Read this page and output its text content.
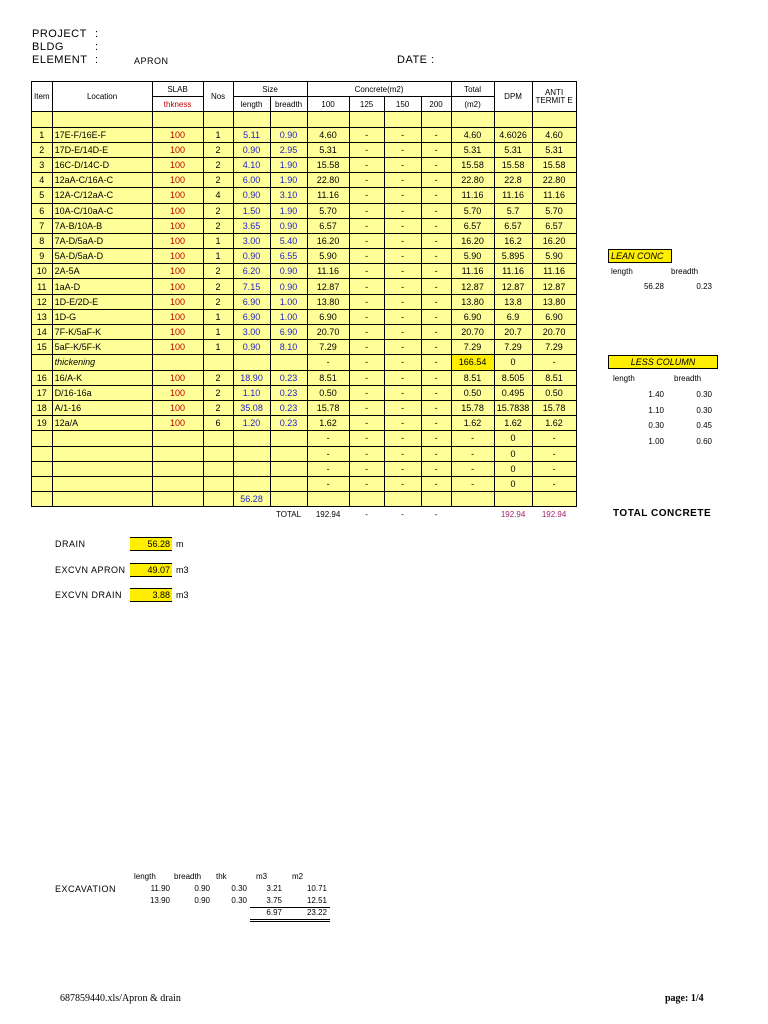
PROJECT :
BLDG	:
ELEMENT :	APRON	DATE :
Item	Location	SLAB	Nos	Size		Concrete(m2)				Total	DPM	ANTI TERMIT E
		thkness		length	breadth	100	125	150	200	(m2)		

1	17E-F/16E-F	100	1	5.11	0.90	4.60	-	-	-	4.60	4.6026	4.60
2	17D-E/14D-E	100	2	0.90	2.95	5.31	-	-	-	5.31	5.31	5.31
3	16C-D/14C-D	100	2	4.10	1.90	15.58	-	-	-	15.58	15.58	15.58
4	12aA-C/16A-C	100	2	6.00	1.90	22.80	-	-	-	22.80	22.8	22.80
5	12A-C/12aA-C	100	4	0.90	3.10	11.16	-	-	-	11.16	11.16	11.16
6	10A-C/10aA-C	100	2	1.50	1.90	5.70	-	-	-	5.70	5.7	5.70
7	7A-B/10A-B	100	2	3.65	0.90	6.57	-	-	-	6.57	6.57	6.57
8	7A-D/5aA-D	100	1	3.00	5.40	16.20	-	-	-	16.20	16.2	16.20
9	5A-D/5aA-D	100	1	0.90	6.55	5.90	-	-	-	5.90	5.895	5.90
10	2A-5A	100	2	6.20	0.90	11.16	-	-	-	11.16	11.16	11.16
11	1aA-D	100	2	7.15	0.90	12.87	-	-	-	12.87	12.87	12.87
12	1D-E/2D-E	100	2	6.90	1.00	13.80	-	-	-	13.80	13.8	13.80
13	1D-G	100	1	6.90	1.00	6.90	-	-	-	6.90	6.9	6.90
14	7F-K/5aF-K	100	1	3.00	6.90	20.70	-	-	-	20.70	20.7	20.70
15	5aF-K/5F-K	100	1	0.90	8.10	7.29	-	-	-	7.29	7.29	7.29
	thickening					-	-	-	-	166.54	0	-
16	16/A-K	100	2	18.90	0.23	8.51	-	-	-	8.51	8.505	8.51
17	D/16-16a	100	2	1.10	0.23	0.50	-	-	-	0.50	0.495	0.50
18	A/1-16	100	2	35.08	0.23	15.78	-	-	-	15.78	15.7838	15.78
19	12a/A	100	6	1.20	0.23	1.62	-	-	-	1.62	1.62	1.62
						-	-	-	-	-	0	-
						-	-	-	-	-	0	-
						-	-	-	-	-	0	-
						-	-	-	-	-	0	-
				56.28								
					TOTAL	192.94	-	-	-		192.94	192.94
LEAN CONC
length	breadth
56.28	0.23
LESS COLUMN
length	breadth
1.40	0.30
1.10	0.30
0.30	0.45
1.00	0.60
TOTAL CONCRETE
DRAIN	56.28 m
EXCVN APRON	49.07 m3
EXCVN DRAIN	3.88 m3
EXCAVATION
length breadth thk	m3	m2
11.90	0.90	0.30	3.21	10.71
13.90	0.90	0.30	3.75	12.51
6.97	23.22
687859440.xls/Apron & drain	page: 1/4
